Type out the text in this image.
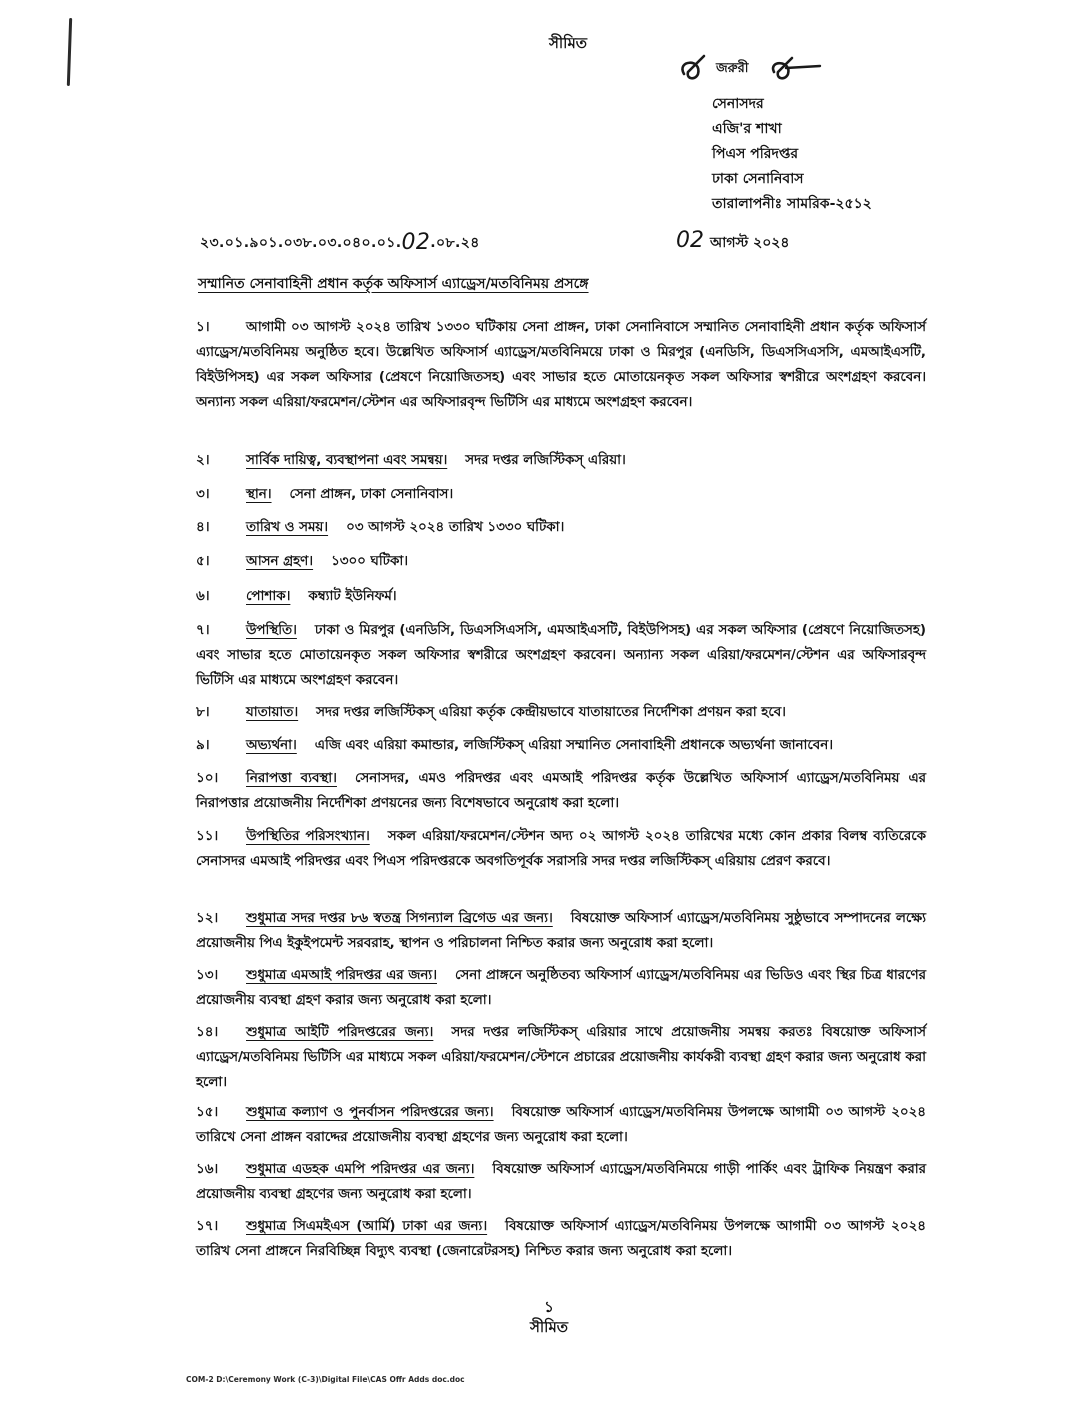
সীমিত
জরুরী
সেনাসদর
এজি'র শাখা
পিএস পরিদপ্তর
ঢাকা সেনানিবাস
তারালাপনীঃ সামরিক-২৫১২
২৩.০১.৯০১.০৩৮.০৩.০৪০.০১.02.০৮.২৪	02 আগস্ট ২০২৪
সম্মানিত সেনাবাহিনী প্রধান কর্তৃক অফিসার্স এ্যাড্রেস/মতবিনিময় প্রসঙ্গে
১।	আগামী ০৩ আগস্ট ২০২৪ তারিখ ১৩৩০ ঘটিকায় সেনা প্রাঙ্গন, ঢাকা সেনানিবাসে সম্মানিত সেনাবাহিনী প্রধান কর্তৃক অফিসার্স এ্যাড্রেস/মতবিনিময় অনুষ্ঠিত হবে। উল্লেখিত অফিসার্স এ্যাড্রেস/মতবিনিময়ে ঢাকা ও মিরপুর (এনডিসি, ডিএসসিএসসি, এমআইএসটি, বিইউপিসহ) এর সকল অফিসার (প্রেষণে নিয়োজিতসহ) এবং সাভার হতে মোতায়েনকৃত সকল অফিসার স্বশরীরে অংশগ্রহণ করবেন। অন্যান্য সকল এরিয়া/ফরমেশন/স্টেশন এর অফিসারবৃন্দ ভিটিসি এর মাধ্যমে অংশগ্রহণ করবেন।
২।	সার্বিক দায়িত্ব, ব্যবস্থাপনা এবং সমন্বয়। সদর দপ্তর লজিস্টিকস্ এরিয়া।
৩।	স্থান। সেনা প্রাঙ্গন, ঢাকা সেনানিবাস।
৪।	তারিখ ও সময়। ০৩ আগস্ট ২০২৪ তারিখ ১৩৩০ ঘটিকা।
৫।	আসন গ্রহণ। ১৩০০ ঘটিকা।
৬।	পোশাক। কম্ব্যাট ইউনিফর্ম।
৭।	উপস্থিতি। ঢাকা ও মিরপুর (এনডিসি, ডিএসসিএসসি, এমআইএসটি, বিইউপিসহ) এর সকল অফিসার (প্রেষণে নিয়োজিতসহ) এবং সাভার হতে মোতায়েনকৃত সকল অফিসার স্বশরীরে অংশগ্রহণ করবেন। অন্যান্য সকল এরিয়া/ফরমেশন/স্টেশন এর অফিসারবৃন্দ ভিটিসি এর মাধ্যমে অংশগ্রহণ করবেন।
৮।	যাতায়াত। সদর দপ্তর লজিস্টিকস্ এরিয়া কর্তৃক কেন্দ্রীয়ভাবে যাতায়াতের নির্দেশিকা প্রণয়ন করা হবে।
৯।	অভ্যর্থনা। এজি এবং এরিয়া কমান্ডার, লজিস্টিকস্ এরিয়া সম্মানিত সেনাবাহিনী প্রধানকে অভ্যর্থনা জানাবেন।
১০। নিরাপত্তা ব্যবস্থা। সেনাসদর, এমও পরিদপ্তর এবং এমআই পরিদপ্তর কর্তৃক উল্লেখিত অফিসার্স এ্যাড্রেস/মতবিনিময় এর নিরাপত্তার প্রয়োজনীয় নির্দেশিকা প্রণয়নের জন্য বিশেষভাবে অনুরোধ করা হলো।
১১। উপস্থিতির পরিসংখ্যান। সকল এরিয়া/ফরমেশন/স্টেশন অদ্য ০২ আগস্ট ২০২৪ তারিখের মধ্যে কোন প্রকার বিলম্ব ব্যতিরেকে সেনাসদর এমআই পরিদপ্তর এবং পিএস পরিদপ্তরকে অবগতিপূর্বক সরাসরি সদর দপ্তর লজিস্টিকস্ এরিয়ায় প্রেরণ করবে।
১২। শুধুমাত্র সদর দপ্তর ৮৬ স্বতন্ত্র সিগন্যাল ব্রিগেড এর জন্য। বিষয়োক্ত অফিসার্স এ্যাড্রেস/মতবিনিময় সুষ্ঠুভাবে সম্পাদনের লক্ষ্যে প্রয়োজনীয় পিএ ইকুইপমেন্ট সরবরাহ, স্থাপন ও পরিচালনা নিশ্চিত করার জন্য অনুরোধ করা হলো।
১৩। শুধুমাত্র এমআই পরিদপ্তর এর জন্য। সেনা প্রাঙ্গনে অনুষ্ঠিতব্য অফিসার্স এ্যাড্রেস/মতবিনিময় এর ভিডিও এবং স্থির চিত্র ধারণের প্রয়োজনীয় ব্যবস্থা গ্রহণ করার জন্য অনুরোধ করা হলো।
১৪। শুধুমাত্র আইটি পরিদপ্তরের জন্য। সদর দপ্তর লজিস্টিকস্ এরিয়ার সাথে প্রয়োজনীয় সমন্বয় করতঃ বিষয়োক্ত অফিসার্স এ্যাড্রেস/মতবিনিময় ভিটিসি এর মাধ্যমে সকল এরিয়া/ফরমেশন/স্টেশনে প্রচারের প্রয়োজনীয় কার্যকরী ব্যবস্থা গ্রহণ করার জন্য অনুরোধ করা হলো।
১৫। শুধুমাত্র কল্যাণ ও পুনর্বাসন পরিদপ্তরের জন্য। বিষয়োক্ত অফিসার্স এ্যাড্রেস/মতবিনিময় উপলক্ষে আগামী ০৩ আগস্ট ২০২৪ তারিখে সেনা প্রাঙ্গন বরাদ্দের প্রয়োজনীয় ব্যবস্থা গ্রহণের জন্য অনুরোধ করা হলো।
১৬। শুধুমাত্র এডহক এমপি পরিদপ্তর এর জন্য। বিষয়োক্ত অফিসার্স এ্যাড্রেস/মতবিনিময়ে গাড়ী পার্কিং এবং ট্রাফিক নিয়ন্ত্রণ করার প্রয়োজনীয় ব্যবস্থা গ্রহণের জন্য অনুরোধ করা হলো।
১৭। শুধুমাত্র সিএমইএস (আর্মি) ঢাকা এর জন্য। বিষয়োক্ত অফিসার্স এ্যাড্রেস/মতবিনিময় উপলক্ষে আগামী ০৩ আগস্ট ২০২৪ তারিখ সেনা প্রাঙ্গনে নিরবিচ্ছিন্ন বিদ্যুৎ ব্যবস্থা (জেনারেটরসহ) নিশ্চিত করার জন্য অনুরোধ করা হলো।
১
সীমিত
COM-2 D:\Ceremony Work (C-3)\Digital File\CAS Offr Adds doc.doc
